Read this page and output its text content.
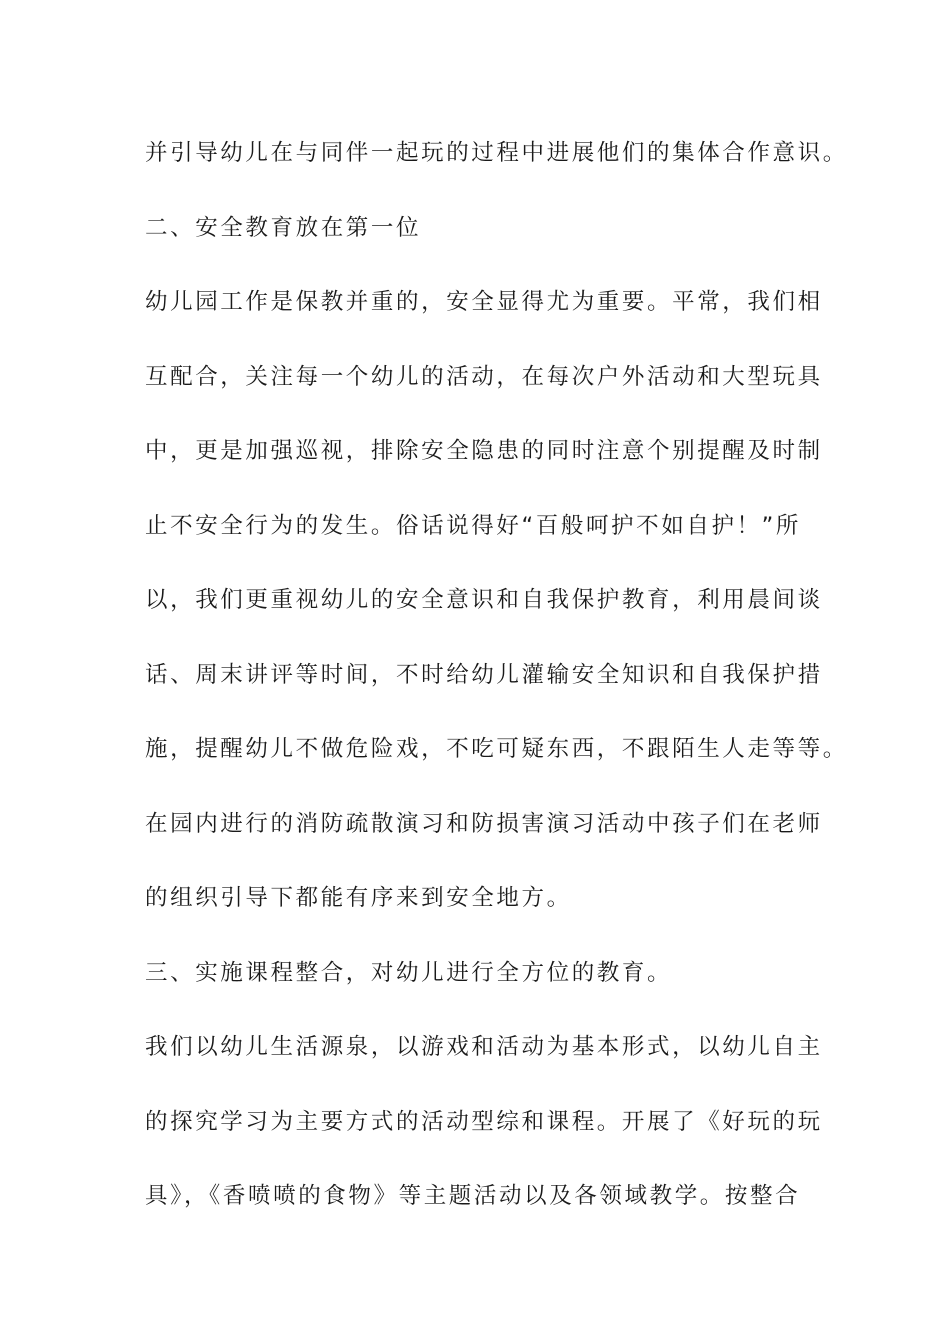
并引导幼儿在与同伴一起玩的过程中进展他们的集体合作意识。
二、安全教育放在第一位
幼儿园工作是保教并重的，安全显得尤为重要。平常，我们相
互配合，关注每一个幼儿的活动，在每次户外活动和大型玩具
中，更是加强巡视，排除安全隐患的同时注意个别提醒及时制
止不安全行为的发生。俗话说得好“百般呵护不如自护！”所
以，我们更重视幼儿的安全意识和自我保护教育，利用晨间谈
话、周末讲评等时间，不时给幼儿灌输安全知识和自我保护措
施，提醒幼儿不做危险戏，不吃可疑东西，不跟陌生人走等等。
在园内进行的消防疏散演习和防损害演习活动中孩子们在老师
的组织引导下都能有序来到安全地方。
三、实施课程整合，对幼儿进行全方位的教育。
我们以幼儿生活源泉，以游戏和活动为基本形式，以幼儿自主
的探究学习为主要方式的活动型综和课程。开展了《好玩的玩
具》，《香喷喷的食物》等主题活动以及各领域教学。按整合
